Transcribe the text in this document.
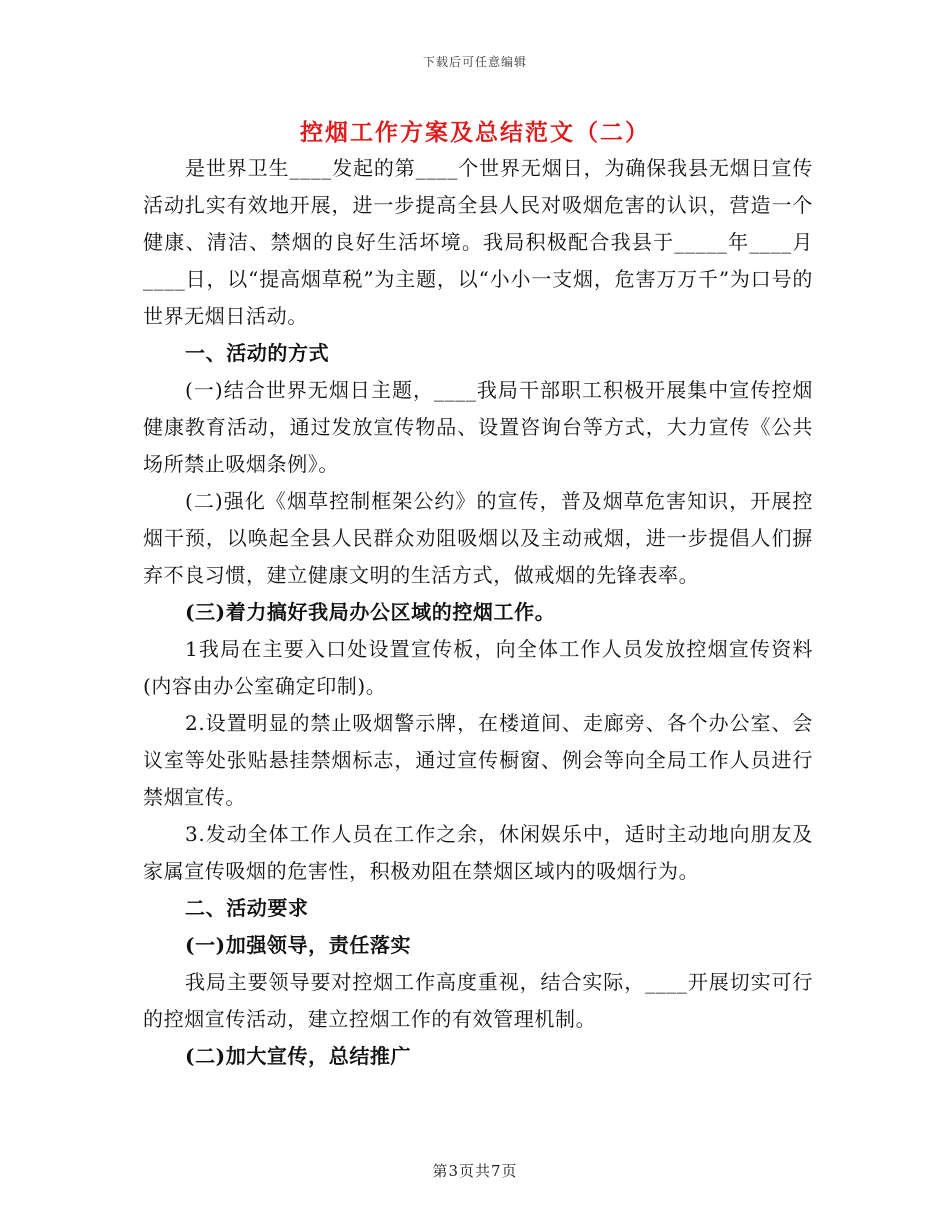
下载后可任意编辑
控烟工作方案及总结范文（二）

是世界卫生____发起的第____个世界无烟日，为确保我县无烟日宣传活动扎实有效地开展，进一步提高全县人民对吸烟危害的认识，营造一个健康、清洁、禁烟的良好生活坏境。我局积极配合我县于_____年____月____日，以“提高烟草税”为主题，以“小小一支烟，危害万万千”为口号的世界无烟日活动。

一、活动的方式

(一)结合世界无烟日主题，____我局干部职工积极开展集中宣传控烟健康教育活动，通过发放宣传物品、设置咨询台等方式，大力宣传《公共场所禁止吸烟条例》。

(二)强化《烟草控制框架公约》的宣传，普及烟草危害知识，开展控烟干预，以唤起全县人民群众劝阻吸烟以及主动戒烟，进一步提倡人们摒弃不良习惯，建立健康文明的生活方式，做戒烟的先锋表率。

(三)着力搞好我局办公区域的控烟工作。

1我局在主要入口处设置宣传板，向全体工作人员发放控烟宣传资料(内容由办公室确定印制)。

2.设置明显的禁止吸烟警示牌，在楼道间、走廊旁、各个办公室、会议室等处张贴悬挂禁烟标志，通过宣传橱窗、例会等向全局工作人员进行禁烟宣传。

3.发动全体工作人员在工作之余，休闲娱乐中，适时主动地向朋友及家属宣传吸烟的危害性，积极劝阻在禁烟区域内的吸烟行为。

二、活动要求

(一)加强领导，责任落实

我局主要领导要对控烟工作高度重视，结合实际，____开展切实可行的控烟宣传活动，建立控烟工作的有效管理机制。

(二)加大宣传，总结推广

第3页共7页
